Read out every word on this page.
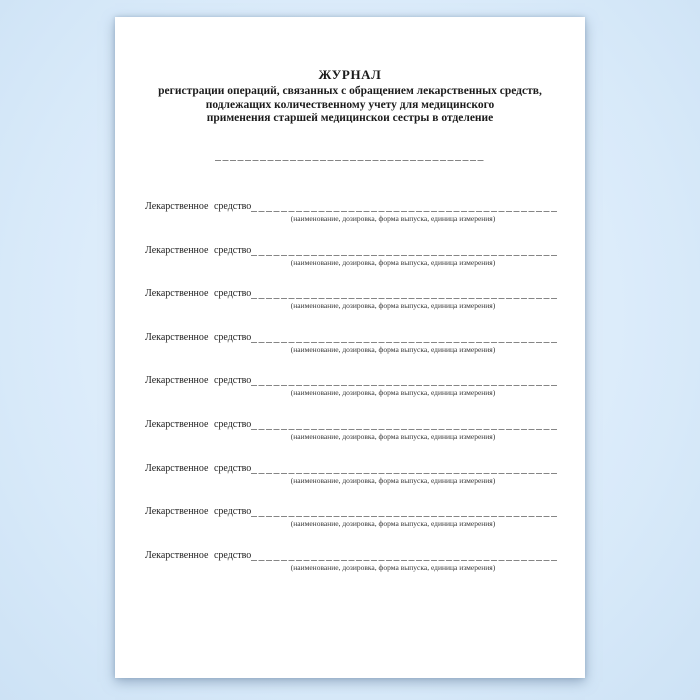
ЖУРНАЛ
регистрации операций, связанных с обращением лекарственных средств,
подлежащих количественному учету для медицинского
применения старшей медицинскои сестры в отделение
Лекарственное средство
(наименование, дозировка, форма выпуска, единица измерения)
Лекарственное средство
(наименование, дозировка, форма выпуска, единица измерения)
Лекарственное средство
(наименование, дозировка, форма выпуска, единица измерения)
Лекарственное средство
(наименование, дозировка, форма выпуска, единица измерения)
Лекарственное средство
(наименование, дозировка, форма выпуска, единица измерения)
Лекарственное средство
(наименование, дозировка, форма выпуска, единица измерения)
Лекарственное средство
(наименование, дозировка, форма выпуска, единица измерения)
Лекарственное средство
(наименование, дозировка, форма выпуска, единица измерения)
Лекарственное средство
(наименование, дозировка, форма выпуска, единица измерения)
